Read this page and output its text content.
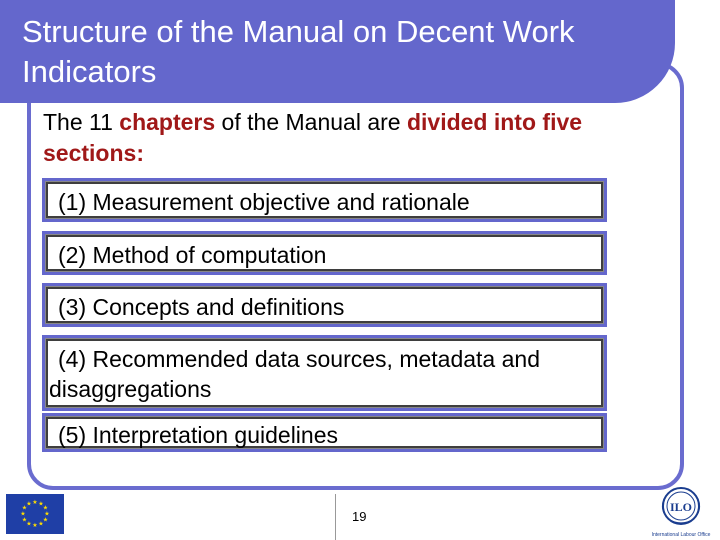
Structure of the Manual on Decent Work Indicators
The 11 chapters of the Manual are divided into five sections:
(1) Measurement objective and rationale
(2) Method of computation
(3) Concepts and definitions
(4) Recommended data sources, metadata and disaggregations
(5) Interpretation guidelines
★ ★
★
★
★
★
★
★
★
★
★
★
19
ILO
International Labour Office
